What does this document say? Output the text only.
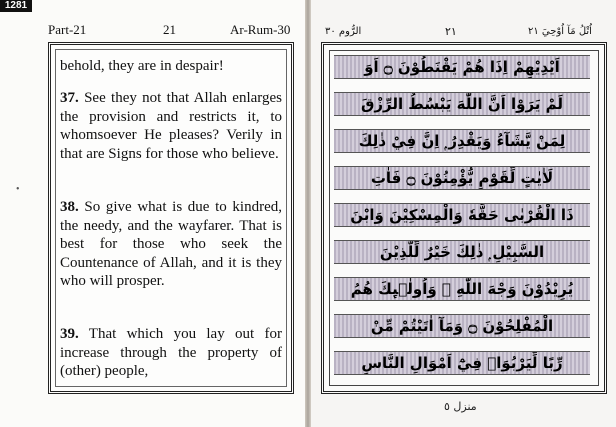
1281
Part-21	21	Ar-Rum-30	الرُّوم ٣٠	٢١	اُتْلُ مَآ اُوْحِيَ ٢١
•
behold, they are in despair!

37. See they not that Allah enlarges the provision and restricts it, to whomsoever He pleases? Verily in that are Signs for those who believe.

38. So give what is due to kindred, the needy, and the wayfarer. That is best for those who seek the Countenance of Allah, and it is they who will prosper.

39. That which you lay out for increase through the property of (other) people,

اَيْدِيْهِمْ اِذَا هُمْ يَقْنَطُوْنَ ۝ اَوَ
لَمْ يَرَوْا اَنَّ اللّٰهَ يَبْسُطُ الرِّزْقَ
لِمَنْ يَّشَآءُ وَيَقْدِرُ ۭ اِنَّ فِيْ ذٰلِكَ
لَاٰيٰتٍ لِّقَوْمٍ يُّؤْمِنُوْنَ ۝ فَاٰتِ
ذَا الْقُرْبٰى حَقَّهٗ وَالْمِسْكِيْنَ وَابْنَ
السَّبِيْلِ ۭ ذٰلِكَ خَيْرٌ لِّلَّذِيْنَ
يُرِيْدُوْنَ وَجْهَ اللّٰهِ ۡ وَاُولٰۗىِٕكَ هُمُ
الْمُفْلِحُوْنَ ۝ وَمَآ اٰتَيْتُمْ مِّنْ
رِّبًا لِّيَرْبُوَا۟ فِيْٓ اَمْوَالِ النَّاسِ
منزل ٥
